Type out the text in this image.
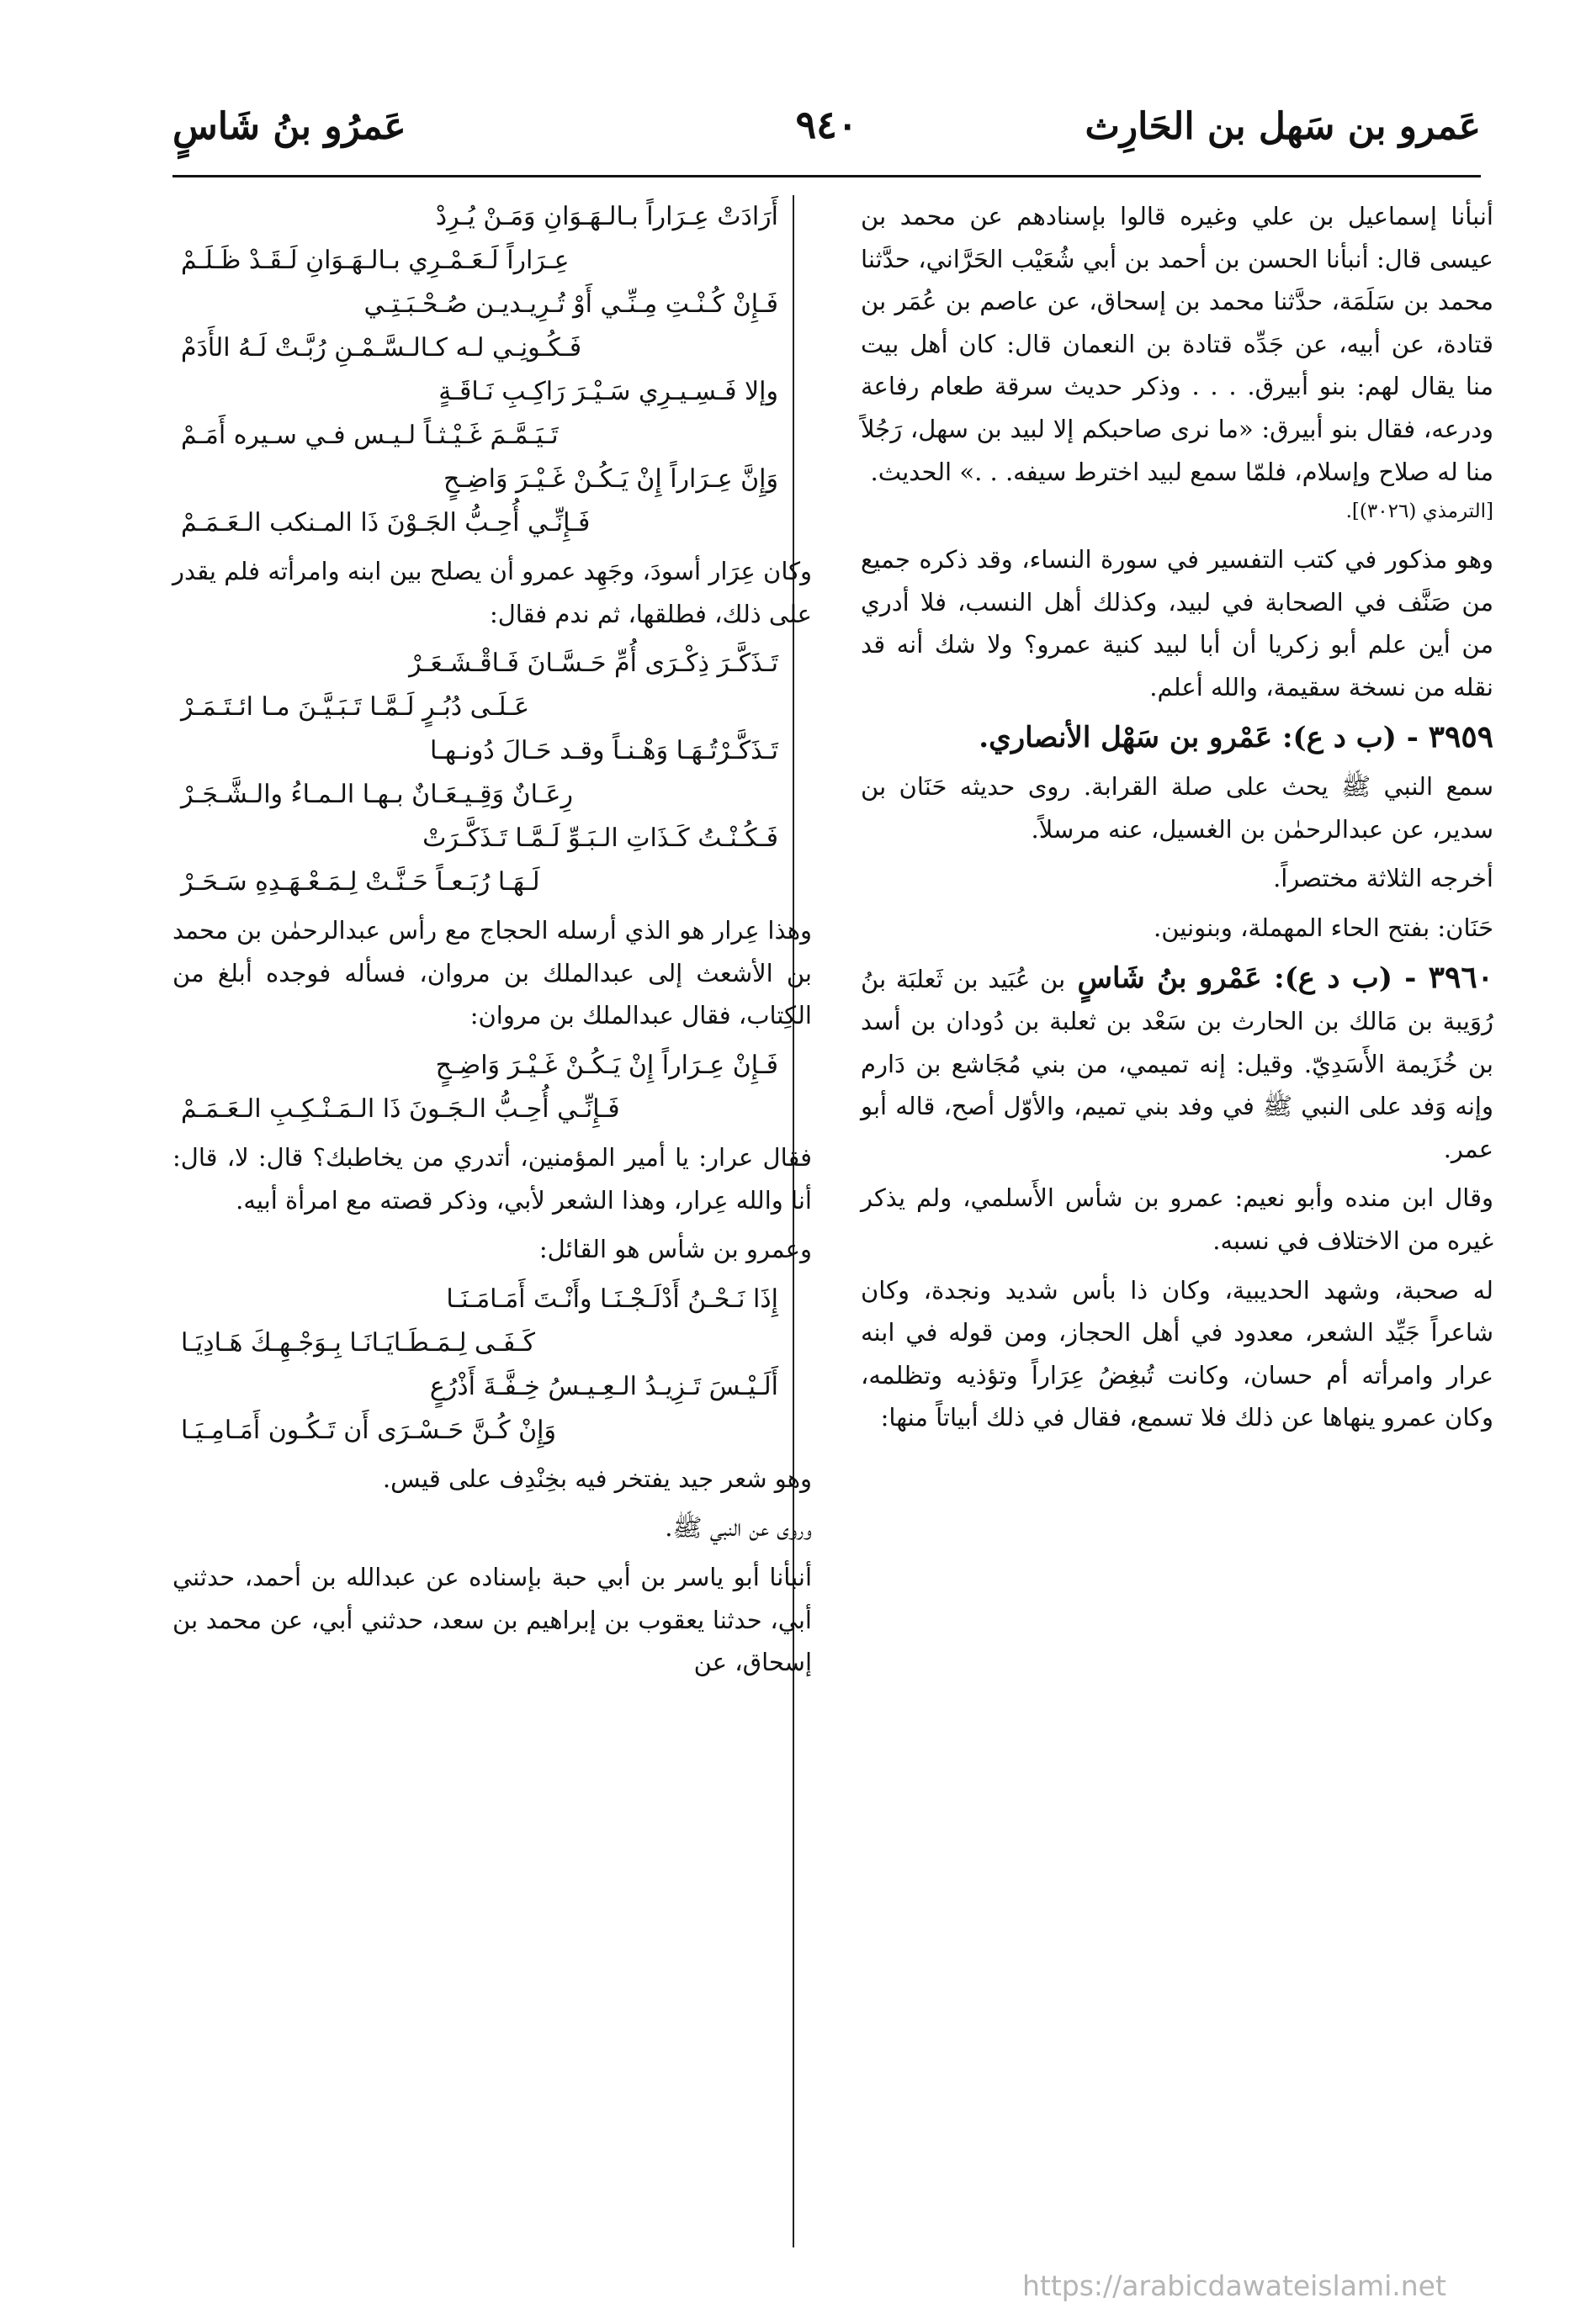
عَمرو بن سَهل بن الحَارِث
٩٤٠
عَمرُو بنُ شَاسٍ

أنبأنا إسماعيل بن علي وغيره قالوا بإسنادهم عن محمد بن عيسى قال: أنبأنا الحسن بن أحمد بن أبي شُعَيْب الحَرَّاني، حدَّثنا محمد بن سَلَمَة، حدَّثنا محمد بن إسحاق، عن عاصم بن عُمَر بن قتادة، عن أبيه، عن جَدِّه قتادة بن النعمان قال: كان أهل بيت منا يقال لهم: بنو أبيرق. . . . وذكر حديث سرقة طعام رفاعة ودرعه، فقال بنو أبيرق: «ما نرى صاحبكم إلا لبيد بن سهل، رَجُلاً منا له صلاح وإسلام، فلمّا سمع لبيد اخترط سيفه. . .» الحديث.

[الترمذي (٣٠٢٦)].

وهو مذكور في كتب التفسير في سورة النساء، وقد ذكره جميع من صَنَّف في الصحابة في لبيد، وكذلك أهل النسب، فلا أدري من أين علم أبو زكريا أن أبا لبيد كنية عمرو؟ ولا شك أنه قد نقله من نسخة سقيمة، والله أعلم.

٣٩٥٩ - (ب د ع): عَمْرو بن سَهْل الأنصاري.

سمع النبي ﷺ يحث على صلة القرابة. روى حديثه حَنَان بن سدير، عن عبدالرحمٰن بن الغسيل، عنه مرسلاً.

أخرجه الثلاثة مختصراً.

حَنَان: بفتح الحاء المهملة، وبنونين.

٣٩٦٠ - (ب د ع): عَمْرو بنُ شَاسٍ بن عُبَيد بن ثَعلبَة بنُ رُوَيبة بن مَالك بن الحارث بن سَعْد بن ثعلبة بن دُودان بن أسد بن خُزَيمة الأَسَدِيّ. وقيل: إنه تميمي، من بني مُجَاشع بن دَارم وإنه وَفد على النبي ﷺ في وفد بني تميم، والأوّل أصح، قاله أبو عمر.

وقال ابن منده وأبو نعيم: عمرو بن شأس الأَسلمي، ولم يذكر غيره من الاختلاف في نسبه.

له صحبة، وشهد الحديبية، وكان ذا بأس شديد ونجدة، وكان شاعراً جَيِّد الشعر، معدود في أهل الحجاز، ومن قوله في ابنه عرار وامرأته أم حسان، وكانت تُبغِضُ عِرَاراً وتؤذيه وتظلمه، وكان عمرو ينهاها عن ذلك فلا تسمع، فقال في ذلك أبياتاً منها:

أَرَادَتْ عِـرَاراً بـالـهَـوَانِ وَمَـنْ يُـرِدْ
عِـرَاراً لَـعَـمْـرِي بـالـهَـوَانِ لَـقَـدْ ظَـلَـمْ
فَـإِنْ كُـنْـتِ مِـنِّـي أَوْ تُـرِيـديـن صُـحْـبَـتِـي
فَـكُـونِـي لـه كـالـسَّـمْـنِ رُبَّـتْ لَـهُ الأَدَمْ
وإلا فَـسِـيـرِي سَـيْـرَ رَاكِـبِ نَـاقَـةٍ
تَـيَـمَّـمَ غَـيْـثـاً لـيـس فـي سـيره أَمَـمْ
وَإِنَّ عِـرَاراً إِنْ يَـكُـنْ غَـيْـرَ وَاضِـحٍ
فَـإِنِّـي أُحِـبُّ الجَـوْنَ ذَا المـنكب الـعَـمَـمْ

وكان عِرَار أسودَ، وجَهِد عمرو أن يصلح بين ابنه وامرأته فلم يقدر على ذلك، فطلقها، ثم ندم فقال:

تَـذَكَّـرَ ذِكْـرَى أُمِّ حَـسَّـانَ فَـاقْـشَـعَـرْ
عَـلَـى دُبُـرٍ لَـمَّـا تَـبَـيَّـنَ مـا ائـتَـمَـرْ
تَـذَكَّـرْتُـهَـا وَهْـنـاً وقـد حَـالَ دُونـهـا
رِعَـانٌ وَقِـيـعَـانٌ بـهـا الـمـاءُ والـشَّـجَـرْ
فَـكُـنْـتُ كَـذَاتِ الـبَـوِّ لَـمَّـا تَـذَكَّـرَتْ
لَـهَـا رُبَـعـاً حَـنَّـتْ لِـمَـعْـهَـدِهِ سَـحَـرْ

وهذا عِرار هو الذي أرسله الحجاج مع رأس عبدالرحمٰن بن محمد بن الأشعث إلى عبدالملك بن مروان، فسأله فوجده أبلغ من الكِتاب، فقال عبدالملك بن مروان:

فَـإِنْ عِـرَاراً إِنْ يَـكُـنْ غَـيْـرَ وَاضِـحٍ
فَـإِنِّـي أُحِـبُّ الـجَـونَ ذَا الـمَـنْـكِـبِ الـعَـمَـمْ

فقال عرار: يا أمير المؤمنين، أتدري من يخاطبك؟ قال: لا، قال: أنا والله عِرار، وهذا الشعر لأبي، وذكر قصته مع امرأة أبيه.

وعمرو بن شأس هو القائل:

إِذَا نَـحْـنُ أَدْلَـجْـنَـا وأَنْـتَ أَمَـامَـنَـا
كَـفَـى لِـمَـطَـايَـانَـا بِـوَجْـهِـكَ هَـادِيَـا
أَلَـيْـسَ تَـزِيـدُ الـعِـيـسُ خِـفَّـةَ أَذْرُعٍ
وَإِنْ كُـنَّ حَـسْـرَى أَن تَـكُـون أَمَـامِـيَـا

وهو شعر جيد يفتخر فيه بخِنْدِف على قيس.

وروى عن النبي ﷺ.

أنبأنا أبو ياسر بن أبي حبة بإسناده عن عبدالله بن أحمد، حدثني أبي، حدثنا يعقوب بن إبراهيم بن سعد، حدثني أبي، عن محمد بن إسحاق، عن

https://arabicdawateislami.net
